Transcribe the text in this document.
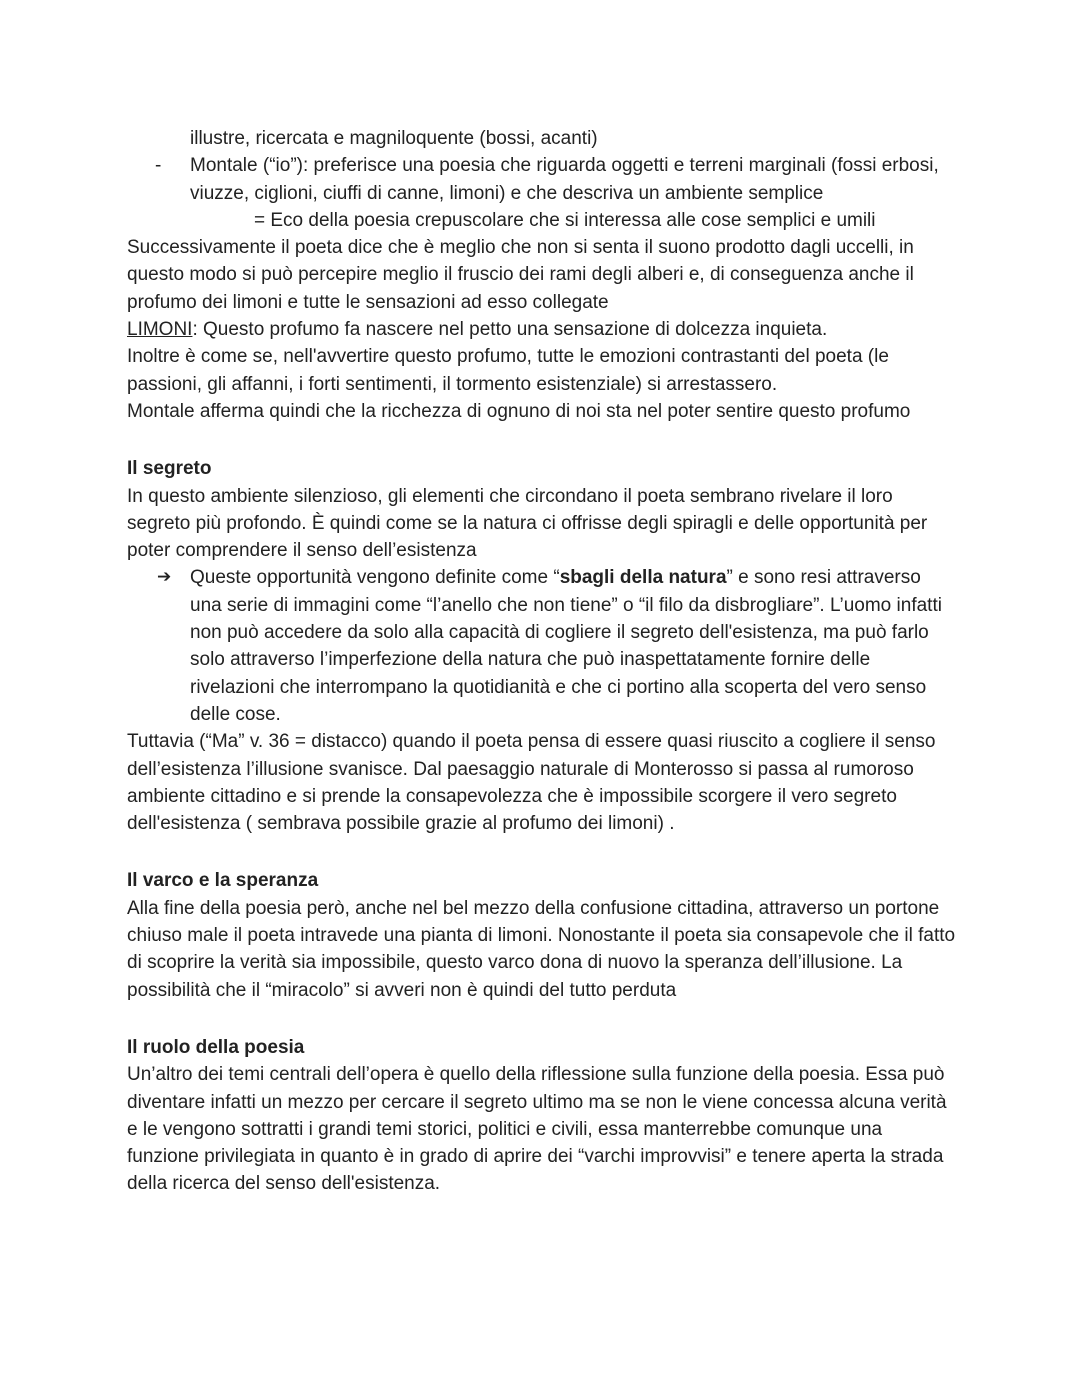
illustre, ricercata e magniloquente (bossi, acanti)

- Montale (“io”): preferisce una poesia che riguarda oggetti e terreni marginali (fossi erbosi, viuzze, ciglioni, ciuffi di canne, limoni) e che descriva un ambiente semplice

= Eco della poesia crepuscolare che si interessa alle cose semplici e umili

Successivamente il poeta dice che è meglio che non si senta il suono prodotto dagli uccelli, in questo modo si può percepire meglio il fruscio dei rami degli alberi e, di conseguenza anche il profumo dei limoni e tutte le sensazioni ad esso collegate

LIMONI: Questo profumo fa nascere nel petto una sensazione di dolcezza inquieta.

Inoltre è come se, nell'avvertire questo profumo, tutte le emozioni contrastanti del poeta (le passioni, gli affanni, i forti sentimenti, il tormento esistenziale) si arrestassero.

Montale afferma quindi che la ricchezza di ognuno di noi sta nel poter sentire questo profumo

Il segreto

In questo ambiente silenzioso, gli elementi che circondano il poeta sembrano rivelare il loro segreto più profondo. È quindi come se la natura ci offrisse degli spiragli e delle opportunità per poter comprendere il senso dell’esistenza

➔ Queste opportunità vengono definite come “sbagli della natura” e sono resi attraverso una serie di immagini come “l’anello che non tiene” o “il filo da disbrogliare”. L’uomo infatti non può accedere da solo alla capacità di cogliere il segreto dell'esistenza, ma può farlo solo attraverso l’imperfezione della natura che può inaspettatamente fornire delle rivelazioni che interrompano la quotidianità e che ci portino alla scoperta del vero senso delle cose.

Tuttavia (“Ma” v. 36 = distacco) quando il poeta pensa di essere quasi riuscito a cogliere il senso dell’esistenza l’illusione svanisce. Dal paesaggio naturale di Monterosso si passa al rumoroso ambiente cittadino e si prende la consapevolezza che è impossibile scorgere il vero segreto dell'esistenza ( sembrava possibile grazie al profumo dei limoni) .

Il varco e la speranza

Alla fine della poesia però, anche nel bel mezzo della confusione cittadina, attraverso un portone chiuso male il poeta intravede una pianta di limoni. Nonostante il poeta sia consapevole che il fatto di scoprire la verità sia impossibile, questo varco dona di nuovo la speranza dell’illusione. La possibilità che il “miracolo” si avveri non è quindi del tutto perduta

Il ruolo della poesia

Un’altro dei temi centrali dell’opera è quello della riflessione sulla funzione della poesia. Essa può diventare infatti un mezzo per cercare il segreto ultimo ma se non le viene concessa alcuna verità e le vengono sottratti i grandi temi storici, politici e civili, essa manterrebbe comunque una funzione privilegiata in quanto è in grado di aprire dei “varchi improvvisi” e tenere aperta la strada della ricerca del senso dell'esistenza.
